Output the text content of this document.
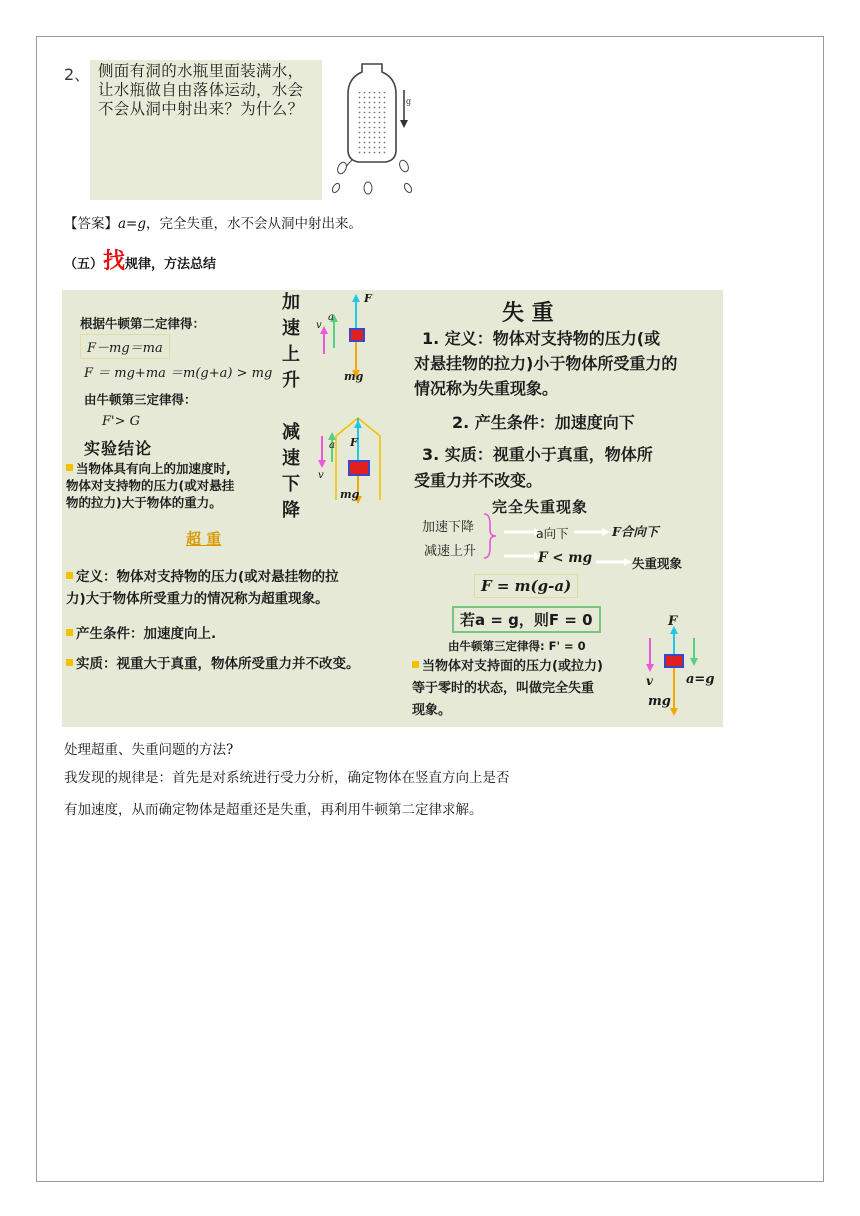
2、 侧面有洞的水瓶里面装满水，
让水瓶做自由落体运动，水会
不会从洞中射出来？为什么？	g
【答案】a=g，完全失重，水不会从洞中射出来。
（五）找规律，方法总结
根据牛顿第二定律得：
F－mg＝ma
F ＝ mg+ma ＝m(g+a) > mg
由牛顿第三定律得：
F'> G
实验结论
当物体具有向上的加速度时,
物体对支持物的压力(或对悬挂
物的拉力)大于物体的重力。
超 重
定义：物体对支持物的压力(或对悬挂物的拉
力)大于物体所受重力的情况称为超重现象。
产生条件：加速度向上.
实质：视重大于真重，物体所受重力并不改变。
加
速
上
升
F
a
v
mg
减
速
下
降
F
a
v
mg
失 重
1. 定义：物体对支持物的压力(或
对悬挂物的拉力)小于物体所受重力的
情况称为失重现象。
2. 产生条件：加速度向下
3. 实质：视重小于真重，物体所
受重力并不改变。
完全失重现象
加速下降
减速上升
a向下	F合向下
F < mg	失重现象
F = m(g-a)
若a = g，则F = 0
由牛顿第三定律得: F' = 0
当物体对支持面的压力(或拉力)
等于零时的状态，叫做完全失重
现象。
F
v	a=g
mg
处理超重、失重问题的方法?
我发现的规律是：首先是对系统进行受力分析，确定物体在竖直方向上是否
有加速度，从而确定物体是超重还是失重，再利用牛顿第二定律求解。
